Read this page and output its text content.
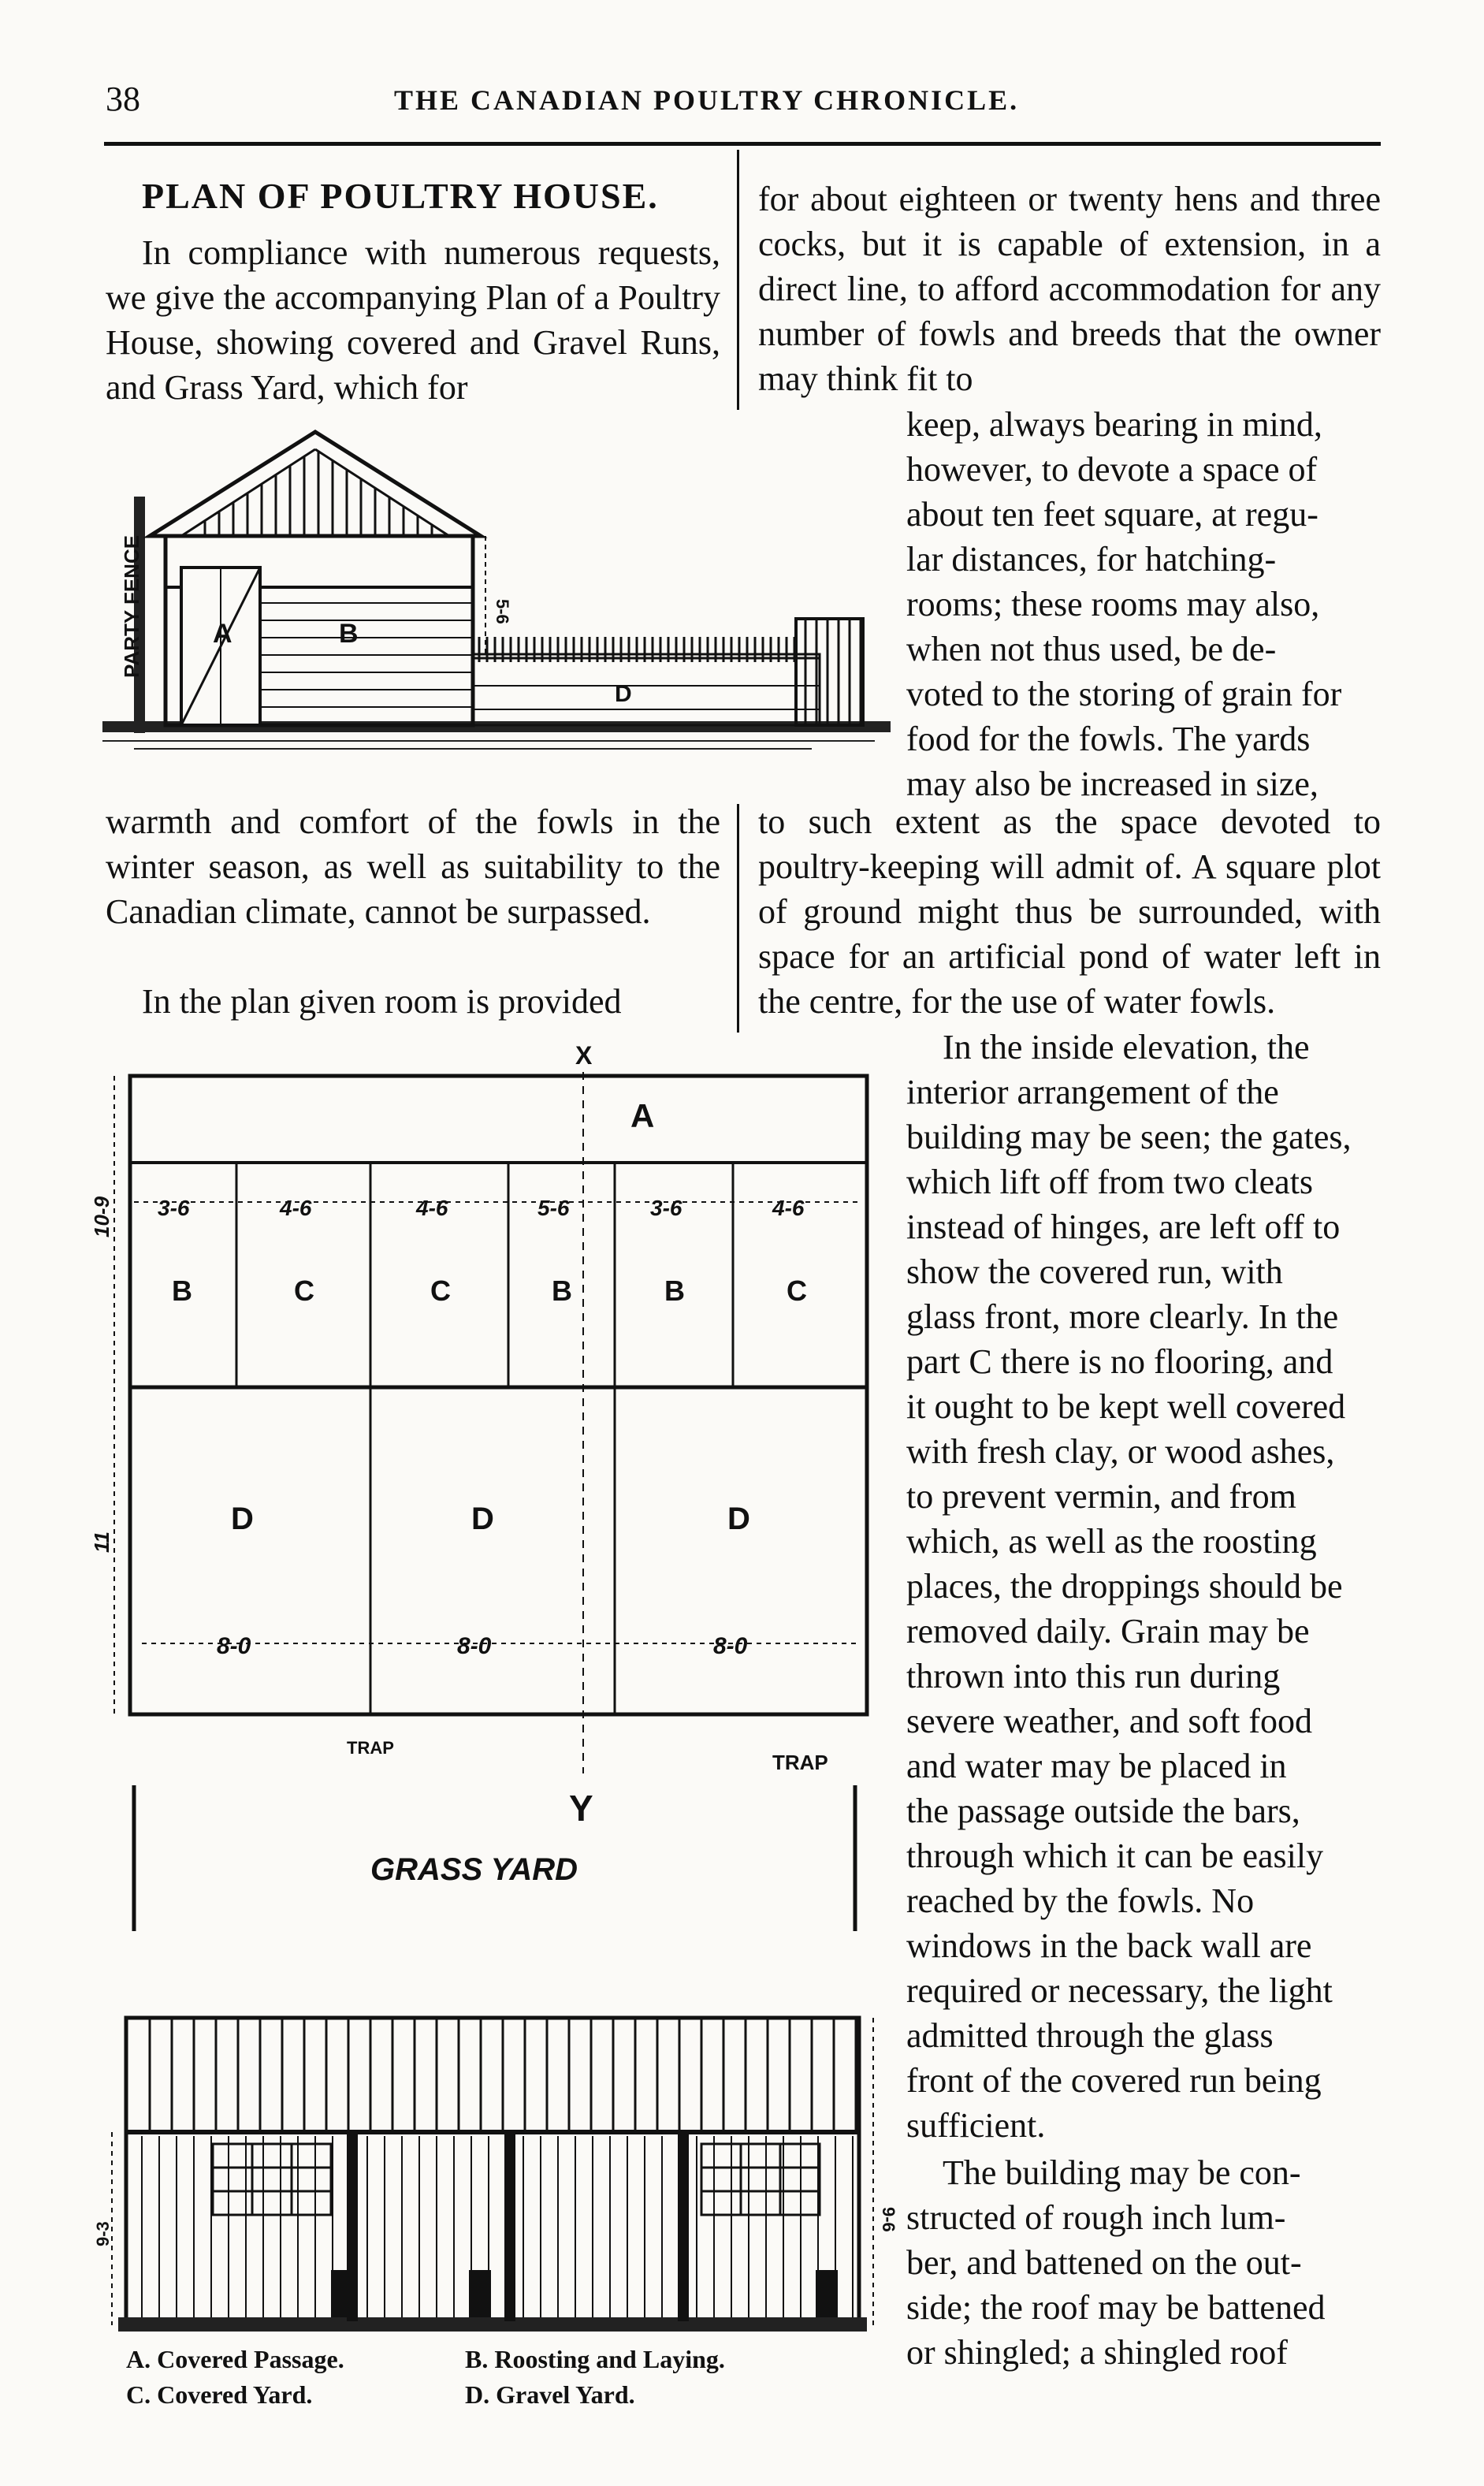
38	THE CANADIAN POULTRY CHRONICLE.
PLAN OF POULTRY HOUSE.
In compliance with numerous requests, we give the accompanying Plan of a Poultry House, showing covered and Gravel Runs, and Grass Yard, which for
for about eighteen or twenty hens and three cocks, but it is capable of extension, in a direct line, to afford accommodation for any number of fowls and breeds that the owner may think fit to
keep, always bearing in mind,
however, to devote a space of
about ten feet square, at regu-
lar distances, for hatching-
rooms; these rooms may also,
when not thus used, be de-
voted to the storing of grain for
food for the fowls. The yards
may also be increased in size,
PARTY FENCE	A	B
D
5-6
warmth and comfort of the fowls in the winter season, as well as suitability to the Canadian climate, cannot be surpassed.
In the plan given room is provided
to such extent as the space devoted to poultry-keeping will admit of. A square plot of ground might thus be surrounded, with space for an artificial pond of water left in the centre, for the use of water fowls.
In the inside elevation, the
interior arrangement of the
building may be seen; the gates,
which lift off from two cleats
instead of hinges, are left off to
show the covered run, with
glass front, more clearly. In the
part C there is no flooring, and
it ought to be kept well covered
with fresh clay, or wood ashes,
to prevent vermin, and from
which, as well as the roosting
places, the droppings should be
removed daily. Grain may be
thrown into this run during
severe weather, and soft food
and water may be placed in
the passage outside the bars,
through which it can be easily
reached by the fowls. No
windows in the back wall are
required or necessary, the light
admitted through the glass
front of the covered run being
sufficient.
The building may be con-
structed of rough inch lum-
ber, and battened on the out-
side; the roof may be battened
or shingled; a shingled roof
10-9
11
X
A
3-6	4-6	4-6	5-6	3-6	4-6
B	C	C	B	B	C
D	D	D
8-0	8-0	8-0
TRAP
TRAP
Y
GRASS YARD
9-3
9-6
A. Covered Passage.	B. Roosting and Laying.
C. Covered Yard.	D. Gravel Yard.
